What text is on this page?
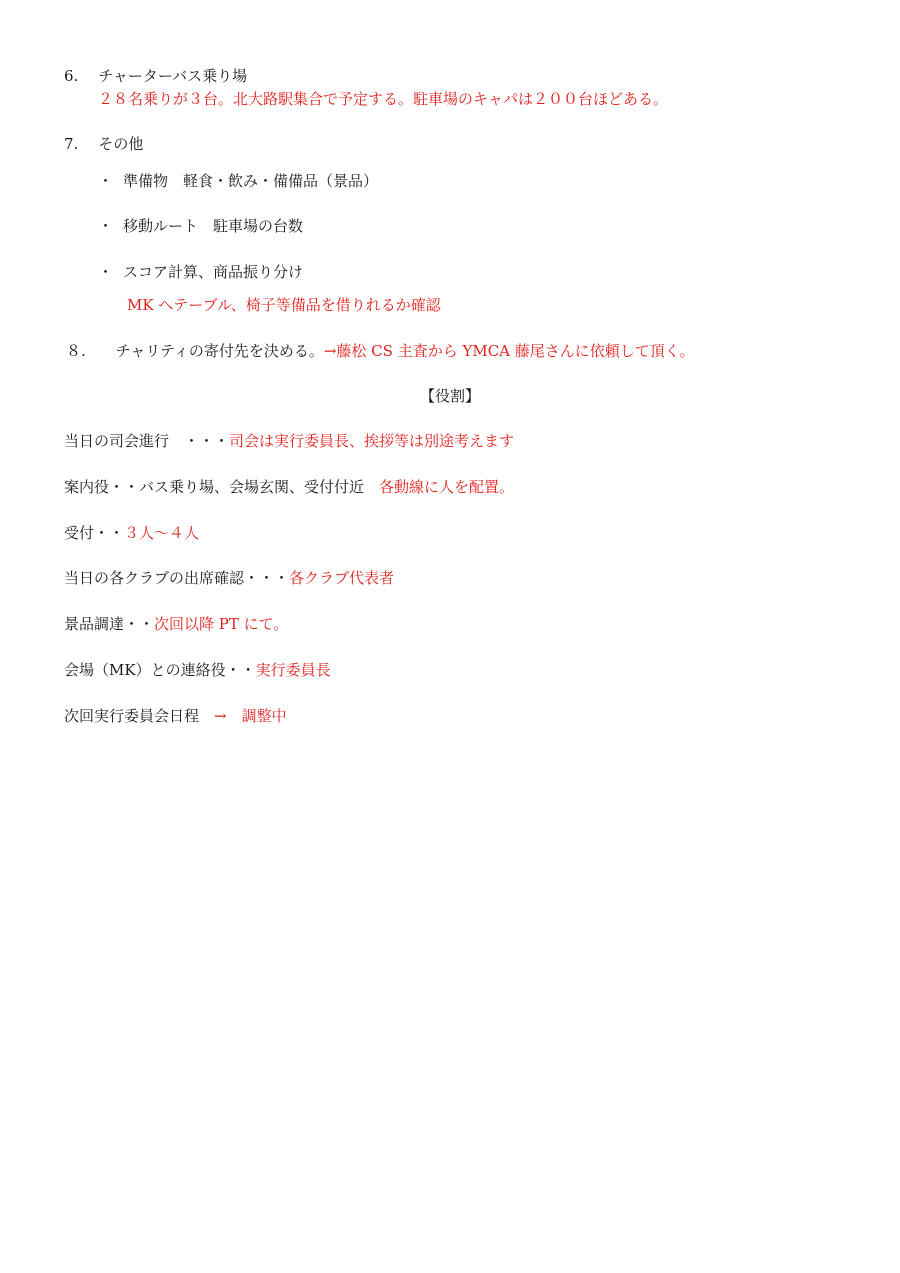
6. チャーターバス乗り場
２８名乗りが３台。北大路駅集合で予定する。駐車場のキャパは２００台ほどある。
7. その他
・ 準備物　軽食・飲み・備備品（景品）
・ 移動ルート　駐車場の台数
・ スコア計算、商品振り分け
MK へテーブル、椅子等備品を借りれるか確認
８. チャリティの寄付先を決める。→藤松 CS 主査から YMCA 藤尾さんに依頼して頂く。
【役割】
当日の司会進行　・・・司会は実行委員長、挨拶等は別途考えます
案内役・・バス乗り場、会場玄関、受付付近　各動線に人を配置。
受付・・３人～４人
当日の各クラブの出席確認・・・各クラブ代表者
景品調達・・次回以降 PT にて。
会場（MK）との連絡役・・実行委員長
次回実行委員会日程　→　調整中
